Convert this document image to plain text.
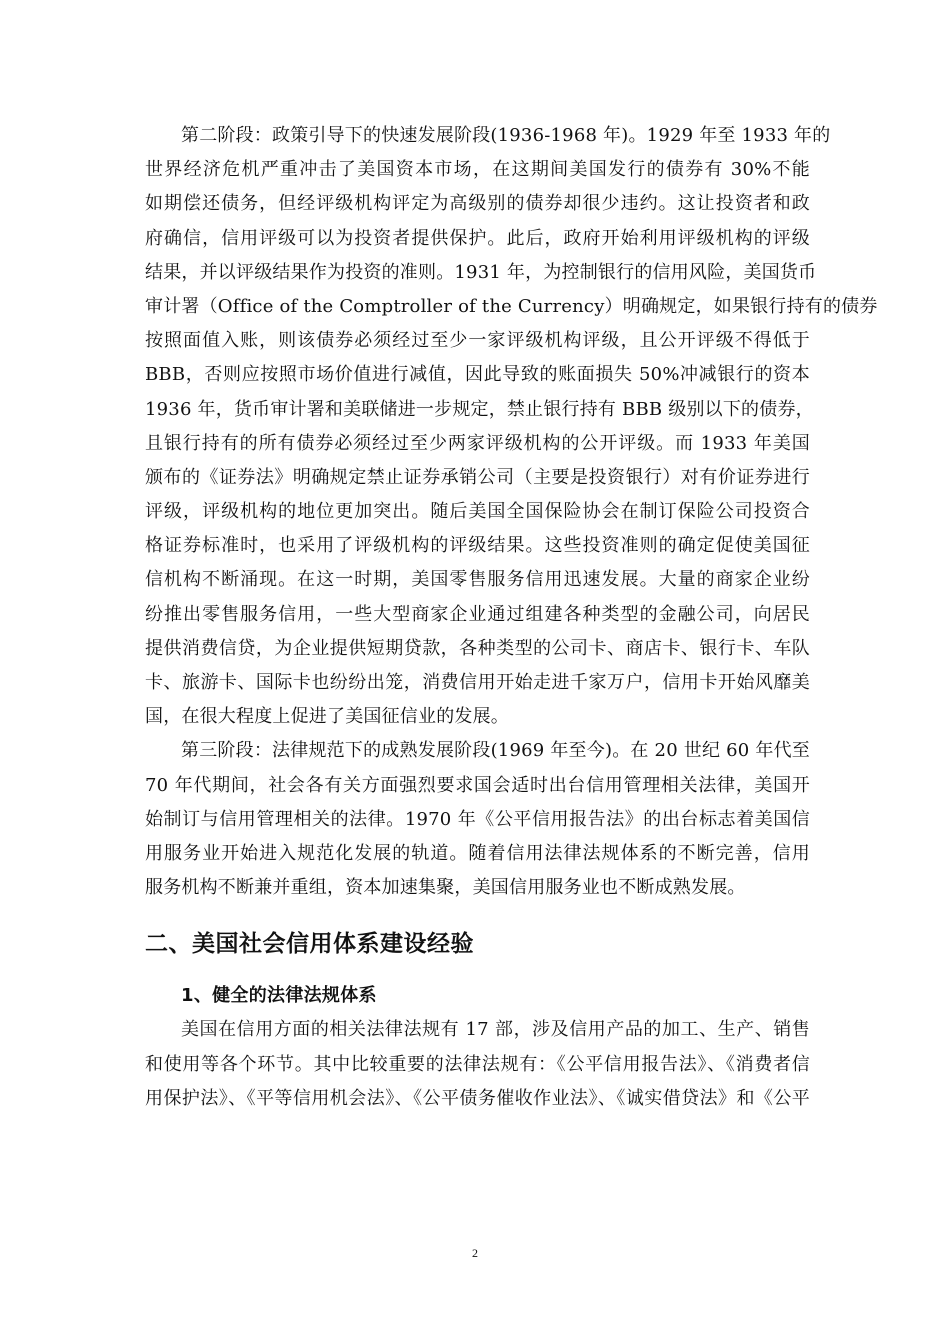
第二阶段：政策引导下的快速发展阶段(1936-1968 年)。1929 年至 1933 年的
世界经济危机严重冲击了美国资本市场，在这期间美国发行的债券有 30%不能
如期偿还债务，但经评级机构评定为高级别的债券却很少违约。这让投资者和政
府确信，信用评级可以为投资者提供保护。此后，政府开始利用评级机构的评级
结果，并以评级结果作为投资的准则。1931 年，为控制银行的信用风险，美国货币
审计署（Office of the Comptroller of the Currency）明确规定，如果银行持有的债券
按照面值入账，则该债券必须经过至少一家评级机构评级，且公开评级不得低于
BBB，否则应按照市场价值进行减值，因此导致的账面损失 50%冲减银行的资本
1936 年，货币审计署和美联储进一步规定，禁止银行持有 BBB 级别以下的债券，
且银行持有的所有债券必须经过至少两家评级机构的公开评级。而 1933 年美国
颁布的《证券法》明确规定禁止证券承销公司（主要是投资银行）对有价证券进行
评级，评级机构的地位更加突出。随后美国全国保险协会在制订保险公司投资合
格证券标准时，也采用了评级机构的评级结果。这些投资准则的确定促使美国征
信机构不断涌现。在这一时期，美国零售服务信用迅速发展。大量的商家企业纷
纷推出零售服务信用，一些大型商家企业通过组建各种类型的金融公司，向居民
提供消费信贷，为企业提供短期贷款，各种类型的公司卡、商店卡、银行卡、车队
卡、旅游卡、国际卡也纷纷出笼，消费信用开始走进千家万户，信用卡开始风靡美
国，在很大程度上促进了美国征信业的发展。
第三阶段：法律规范下的成熟发展阶段(1969 年至今)。在 20 世纪 60 年代至
70 年代期间，社会各有关方面强烈要求国会适时出台信用管理相关法律，美国开
始制订与信用管理相关的法律。1970 年《公平信用报告法》的出台标志着美国信
用服务业开始进入规范化发展的轨道。随着信用法律法规体系的不断完善，信用
服务机构不断兼并重组，资本加速集聚，美国信用服务业也不断成熟发展。
二、美国社会信用体系建设经验
1、健全的法律法规体系
美国在信用方面的相关法律法规有 17 部，涉及信用产品的加工、生产、销售
和使用等各个环节。其中比较重要的法律法规有：《公平信用报告法》、《消费者信
用保护法》、《平等信用机会法》、《公平债务催收作业法》、《诚实借贷法》和《公平
2
